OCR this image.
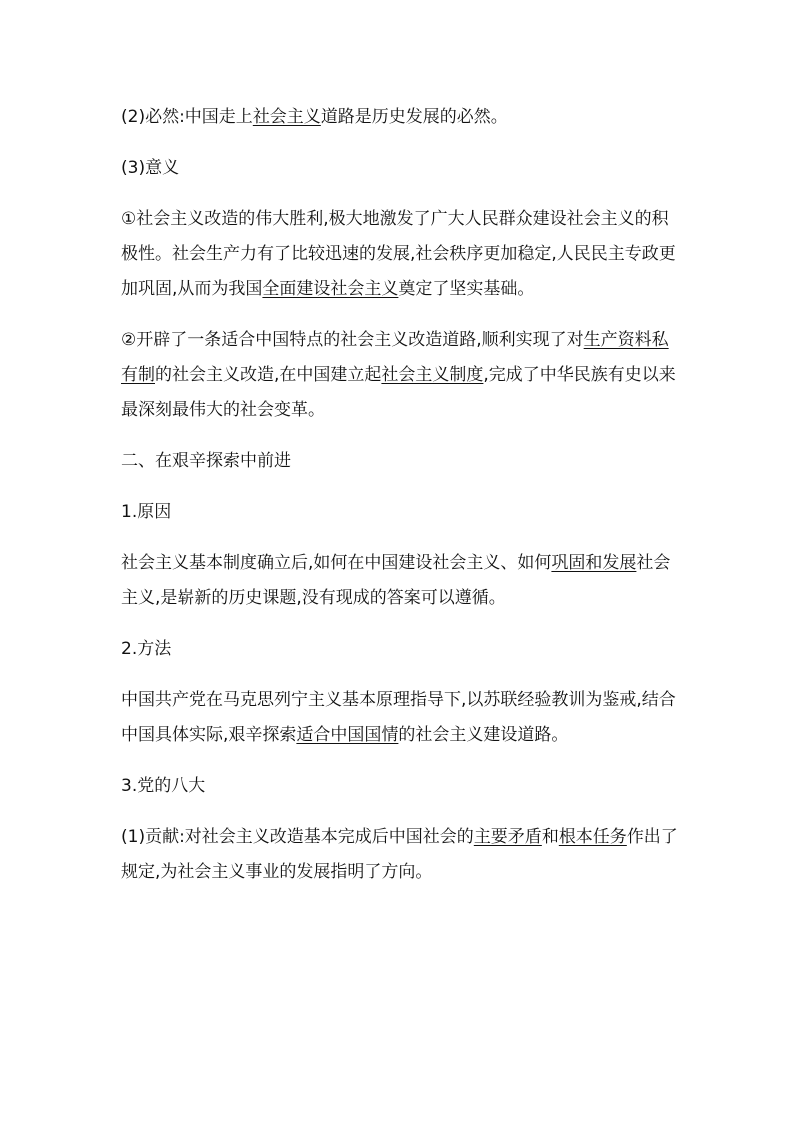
(2)必然:中国走上社会主义道路是历史发展的必然。

(3)意义

①社会主义改造的伟大胜利,极大地激发了广大人民群众建设社会主义的积极性。社会生产力有了比较迅速的发展,社会秩序更加稳定,人民民主专政更加巩固,从而为我国全面建设社会主义奠定了坚实基础。

②开辟了一条适合中国特点的社会主义改造道路,顺利实现了对生产资料私有制的社会主义改造,在中国建立起社会主义制度,完成了中华民族有史以来最深刻最伟大的社会变革。

二、在艰辛探索中前进

1.原因

社会主义基本制度确立后,如何在中国建设社会主义、如何巩固和发展社会主义,是崭新的历史课题,没有现成的答案可以遵循。

2.方法

中国共产党在马克思列宁主义基本原理指导下,以苏联经验教训为鉴戒,结合中国具体实际,艰辛探索适合中国国情的社会主义建设道路。

3.党的八大

(1)贡献:对社会主义改造基本完成后中国社会的主要矛盾和根本任务作出了规定,为社会主义事业的发展指明了方向。
